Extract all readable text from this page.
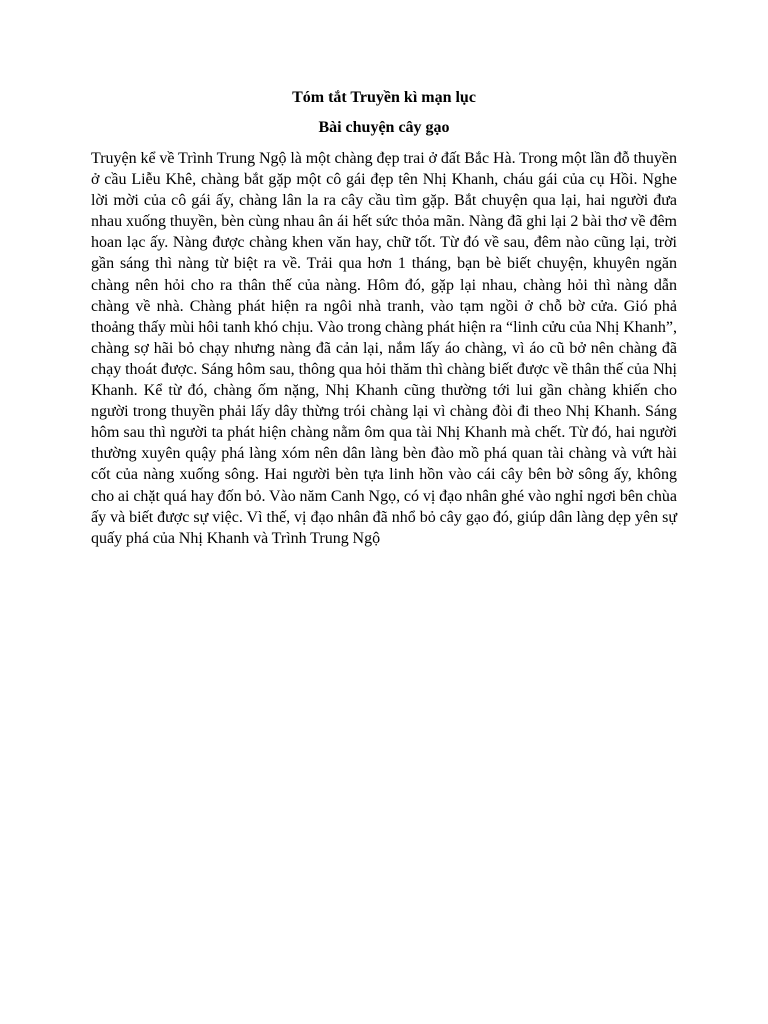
Tóm tắt Truyền kì mạn lục
Bài chuyện cây gạo

Truyện kể về Trình Trung Ngộ là một chàng đẹp trai ở đất Bắc Hà. Trong một lần đỗ thuyền ở cầu Liễu Khê, chàng bắt gặp một cô gái đẹp tên Nhị Khanh, cháu gái của cụ Hồi. Nghe lời mời của cô gái ấy, chàng lân la ra cây cầu tìm gặp. Bắt chuyện qua lại, hai người đưa nhau xuống thuyền, bèn cùng nhau ân ái hết sức thỏa mãn. Nàng đã ghi lại 2 bài thơ về đêm hoan lạc ấy. Nàng được chàng khen văn hay, chữ tốt. Từ đó về sau, đêm nào cũng lại, trời gần sáng thì nàng từ biệt ra về. Trải qua hơn 1 tháng, bạn bè biết chuyện, khuyên ngăn chàng nên hỏi cho ra thân thế của nàng. Hôm đó, gặp lại nhau, chàng hỏi thì nàng dẫn chàng về nhà. Chàng phát hiện ra ngôi nhà tranh, vào tạm ngồi ở chỗ bờ cửa. Gió phả thoảng thấy mùi hôi tanh khó chịu. Vào trong chàng phát hiện ra “linh cửu của Nhị Khanh”, chàng sợ hãi bỏ chạy nhưng nàng đã cản lại, nắm lấy áo chàng, vì áo cũ bở nên chàng đã chạy thoát được. Sáng hôm sau, thông qua hỏi thăm thì chàng biết được về thân thế của Nhị Khanh. Kể từ đó, chàng ốm nặng, Nhị Khanh cũng thường tới lui gần chàng khiến cho người trong thuyền phải lấy dây thừng trói chàng lại vì chàng đòi đi theo Nhị Khanh. Sáng hôm sau thì người ta phát hiện chàng nằm ôm qua tài Nhị Khanh mà chết. Từ đó, hai người thường xuyên quậy phá làng xóm nên dân làng bèn đào mồ phá quan tài chàng và vứt hài cốt của nàng xuống sông. Hai người bèn tựa linh hồn vào cái cây bên bờ sông ấy, không cho ai chặt quá hay đốn bỏ. Vào năm Canh Ngọ, có vị đạo nhân ghé vào nghỉ ngơi bên chùa ấy và biết được sự việc. Vì thế, vị đạo nhân đã nhổ bỏ cây gạo đó, giúp dân làng dẹp yên sự quấy phá của Nhị Khanh và Trình Trung Ngộ
